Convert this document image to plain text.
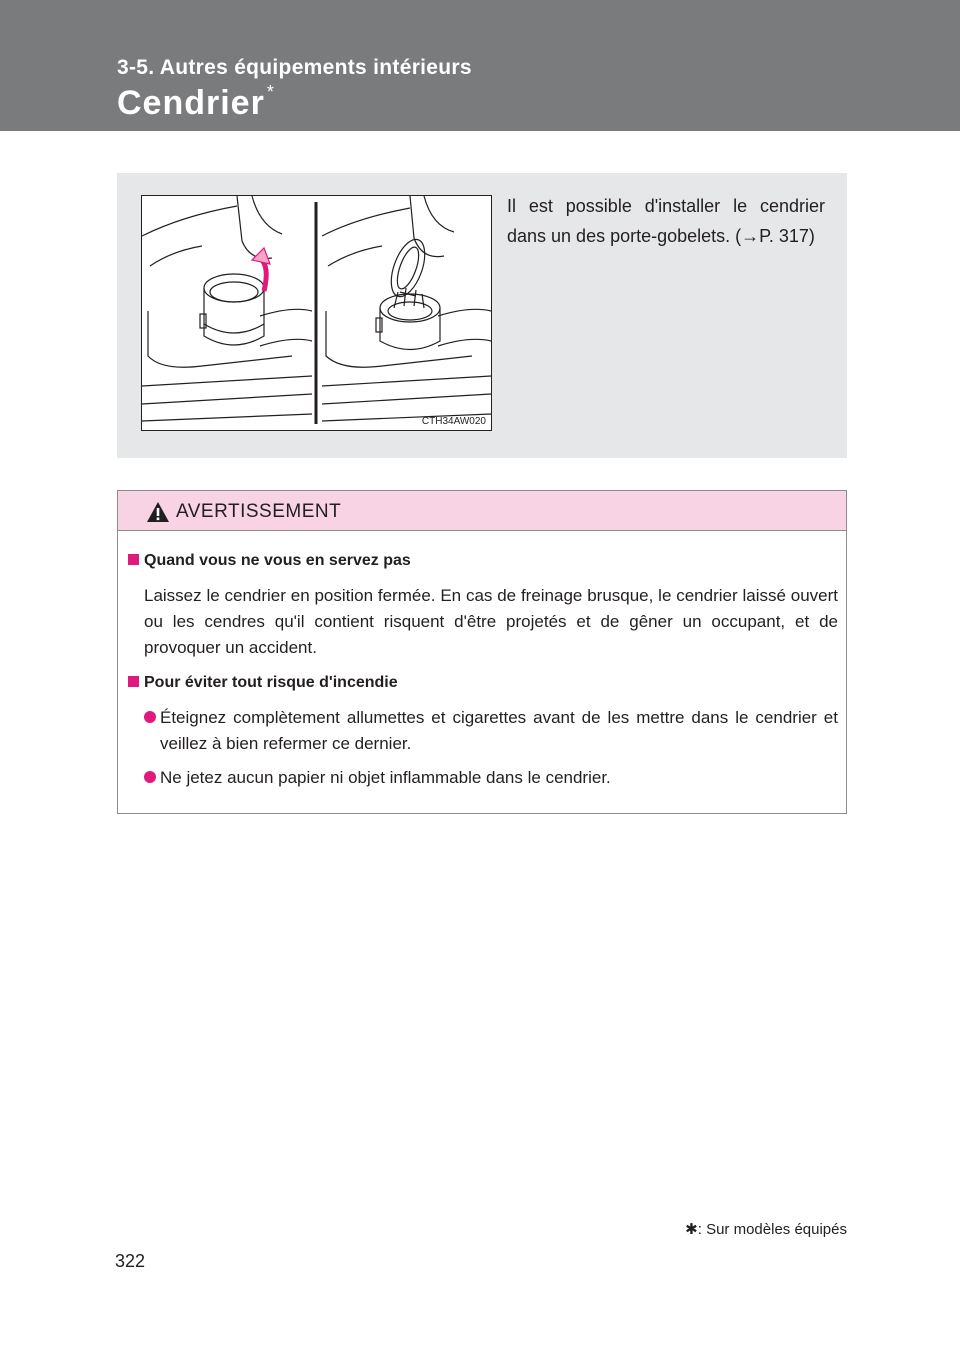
3-5. Autres équipements intérieurs
Cendrier *
CTH34AW020
Il est possible d'installer le cendrier dans un des porte-gobelets. (→P. 317)
AVERTISSEMENT
Quand vous ne vous en servez pas
Laissez le cendrier en position fermée. En cas de freinage brusque, le cendrier laissé ouvert ou les cendres qu'il contient risquent d'être projetés et de gêner un occupant, et de provoquer un accident.
Pour éviter tout risque d'incendie
Éteignez complètement allumettes et cigarettes avant de les mettre dans le cendrier et veillez à bien refermer ce dernier.
Ne jetez aucun papier ni objet inflammable dans le cendrier.
✱: Sur modèles équipés
322
